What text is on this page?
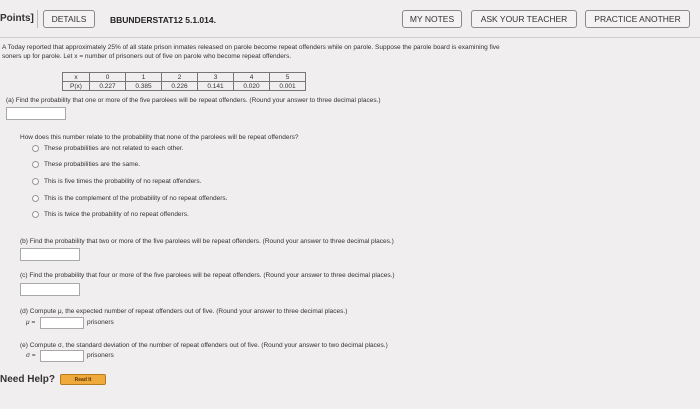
Points]	DETAILS	BBUNDERSTAT12 5.1.014.	MY NOTES	ASK YOUR TEACHER	PRACTICE ANOTHER
A Today reported that approximately 25% of all state prison inmates released on parole become repeat offenders while on parole. Suppose the parole board is examining five
soners up for parole. Let x = number of prisoners out of five on parole who become repeat offenders.
x	0	1	2	3	4	5
P(x)	0.227	0.385	0.226	0.141	0.020	0.001
(a) Find the probability that one or more of the five parolees will be repeat offenders. (Round your answer to three decimal places.)
How does this number relate to the probability that none of the parolees will be repeat offenders?
These probabilities are not related to each other.
These probabilities are the same.
This is five times the probability of no repeat offenders.
This is the complement of the probability of no repeat offenders.
This is twice the probability of no repeat offenders.
(b) Find the probability that two or more of the five parolees will be repeat offenders. (Round your answer to three decimal places.)
(c) Find the probability that four or more of the five parolees will be repeat offenders. (Round your answer to three decimal places.)
(d) Compute μ, the expected number of repeat offenders out of five. (Round your answer to three decimal places.)
μ =	prisoners
(e) Compute σ, the standard deviation of the number of repeat offenders out of five. (Round your answer to two decimal places.)
σ =	prisoners
Need Help?	Read It
